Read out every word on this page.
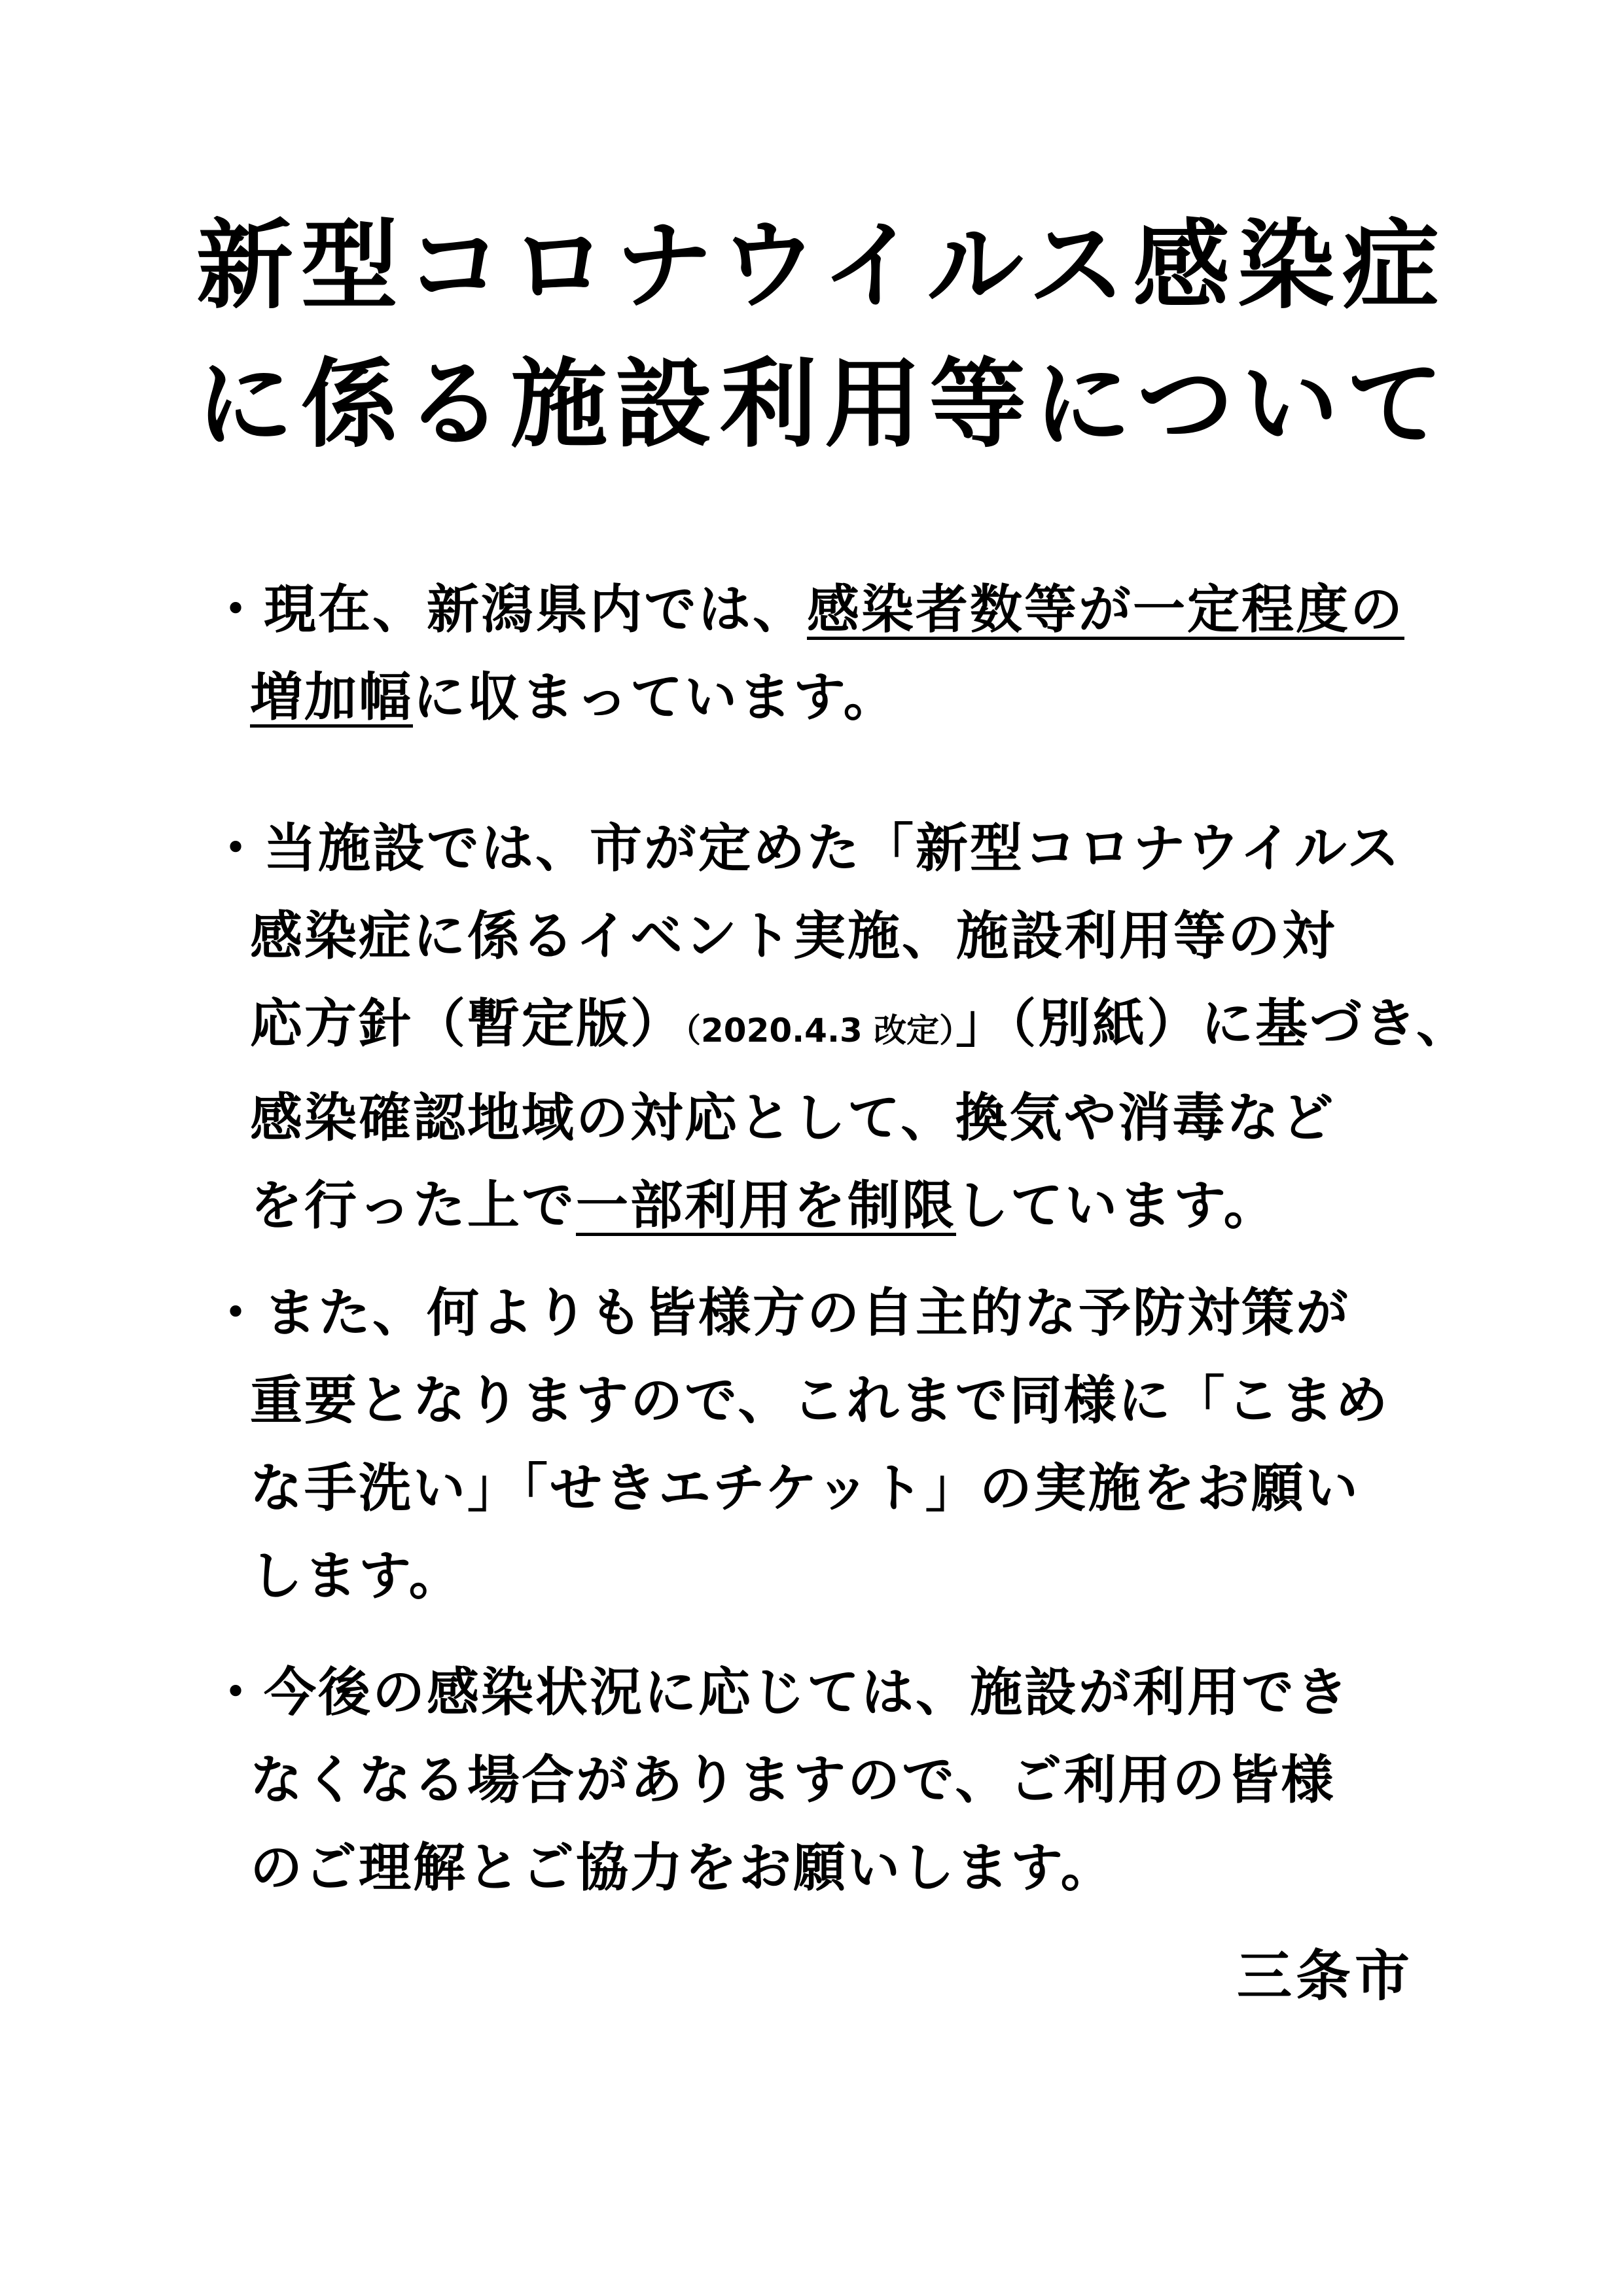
新型コロナウイルス感染症
に係る施設利用等について

・現在、新潟県内では、感染者数等が一定程度の
増加幅に収まっています。

・当施設では、市が定めた「新型コロナウイルス
感染症に係るイベント実施、施設利用等の対
応方針（暫定版）（2020.4.3 改定）」（別紙）に基づき、
感染確認地域の対応として、換気や消毒など
を行った上で一部利用を制限しています。

・また、何よりも皆様方の自主的な予防対策が
重要となりますので、これまで同様に「こまめ
な手洗い」「せきエチケット」の実施をお願い
します。

・今後の感染状況に応じては、施設が利用でき
なくなる場合がありますので、ご利用の皆様
のご理解とご協力をお願いします。

三条市
